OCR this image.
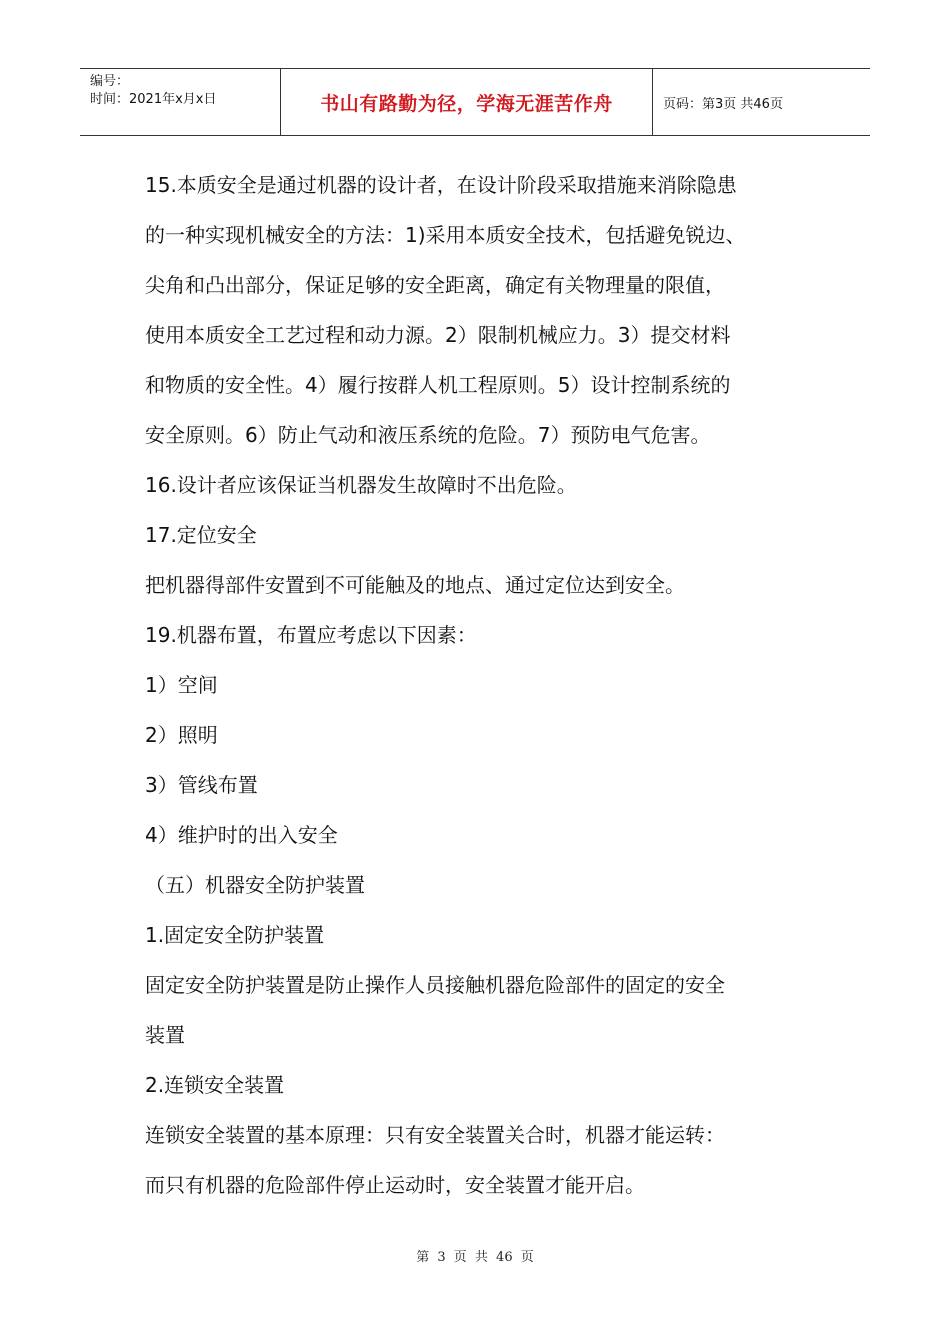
编号：
时间：2021年x月x日	书山有路勤为径，学海无涯苦作舟	页码：第3页 共46页

15.本质安全是通过机器的设计者，在设计阶段采取措施来消除隐患

的一种实现机械安全的方法：1)采用本质安全技术，包括避免锐边、

尖角和凸出部分，保证足够的安全距离，确定有关物理量的限值，

使用本质安全工艺过程和动力源。2）限制机械应力。3）提交材料

和物质的安全性。4）履行按群人机工程原则。5）设计控制系统的

安全原则。6）防止气动和液压系统的危险。7）预防电气危害。

16.设计者应该保证当机器发生故障时不出危险。

17.定位安全

把机器得部件安置到不可能触及的地点、通过定位达到安全。

19.机器布置，布置应考虑以下因素：

1）空间

2）照明

3）管线布置

4）维护时的出入安全

（五）机器安全防护装置

1.固定安全防护装置

固定安全防护装置是防止操作人员接触机器危险部件的固定的安全

装置

2.连锁安全装置

连锁安全装置的基本原理：只有安全装置关合时，机器才能运转：

而只有机器的危险部件停止运动时，安全装置才能开启。

第 3 页 共 46 页
